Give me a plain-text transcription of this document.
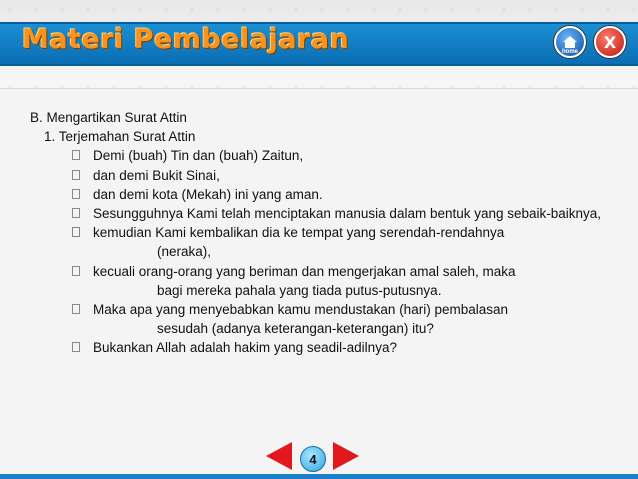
Materi Pembelajaran	home
X

B. Mengartikan Surat Attin

1. Terjemahan Surat Attin

Demi (buah) Tin dan (buah) Zaitun,
dan demi Bukit Sinai,
dan demi kota (Mekah) ini yang aman.
Sesungguhnya Kami telah menciptakan manusia dalam bentuk yang sebaik-baiknya,
kemudian Kami kembalikan dia ke tempat yang serendah-rendahnya
(neraka),
kecuali orang-orang yang beriman dan mengerjakan amal saleh, maka
bagi mereka pahala yang tiada putus-putusnya.
Maka apa yang menyebabkan kamu mendustakan (hari) pembalasan
sesudah (adanya keterangan-keterangan) itu?
Bukankan Allah adalah hakim yang seadil-adilnya?
4
